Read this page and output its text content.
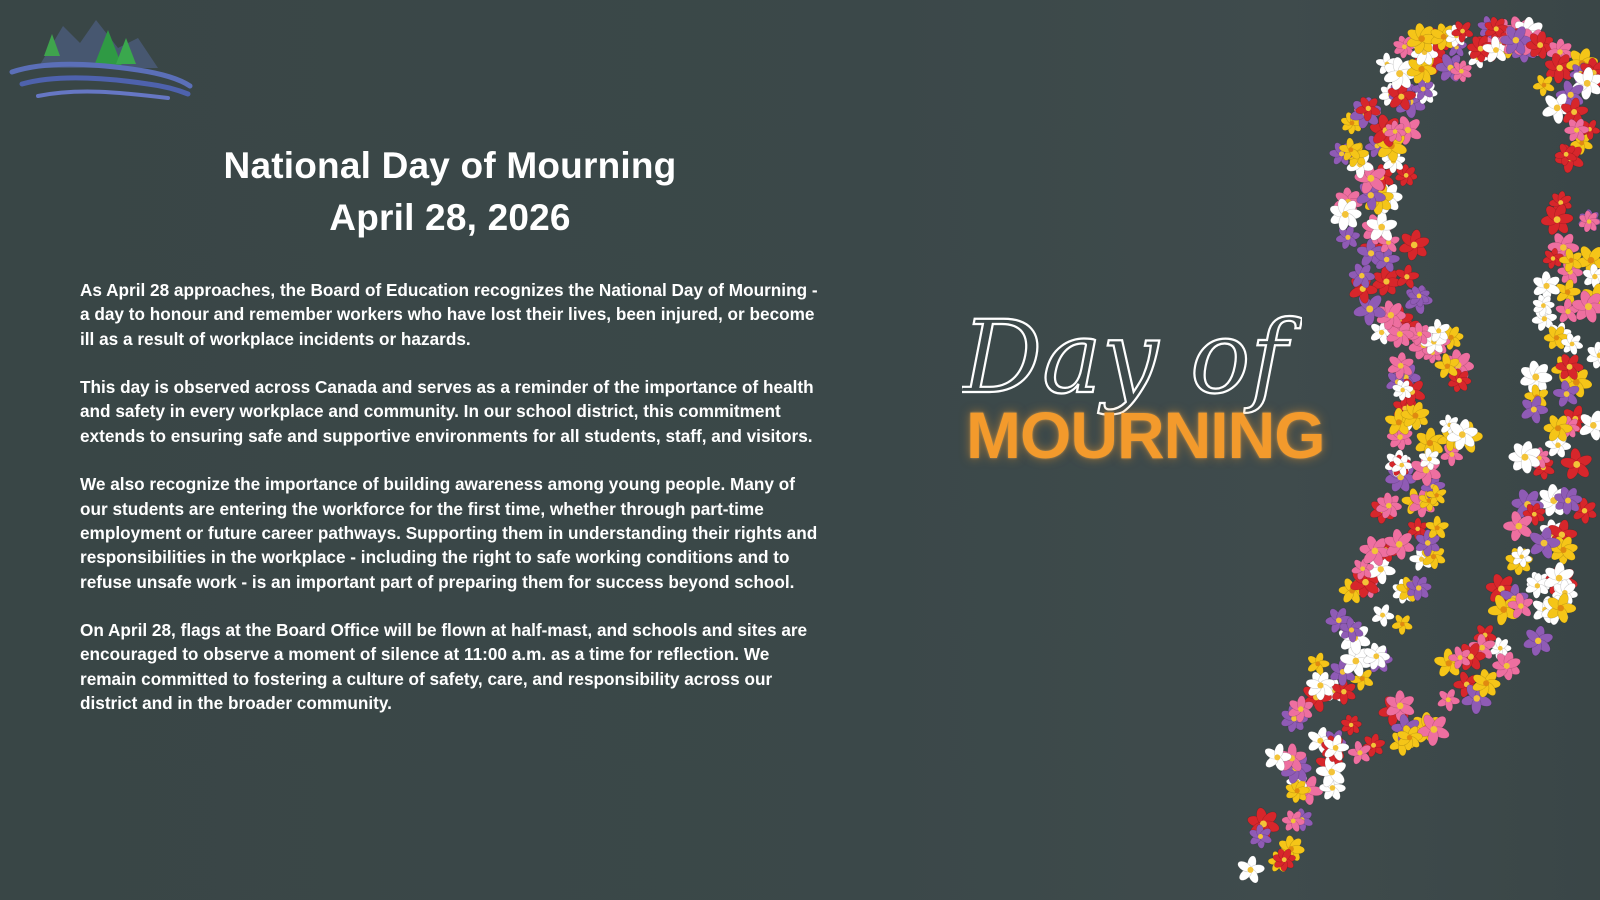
National Day of Mourning
April 28, 2026

As April 28 approaches, the Board of Education recognizes the National Day of Mourning - a day to honour and remember workers who have lost their lives, been injured, or become ill as a result of workplace incidents or hazards.

This day is observed across Canada and serves as a reminder of the importance of health and safety in every workplace and community. In our school district, this commitment extends to ensuring safe and supportive environments for all students, staff, and visitors.

We also recognize the importance of building awareness among young people. Many of our students are entering the workforce for the first time, whether through part-time employment or future career pathways. Supporting them in understanding their rights and responsibilities in the workplace - including the right to safe working conditions and to refuse unsafe work - is an important part of preparing them for success beyond school.

On April 28, flags at the Board Office will be flown at half-mast, and schools and sites are encouraged to observe a moment of silence at 11:00 a.m. as a time for reflection. We remain committed to fostering a culture of safety, care, and responsibility across our district and in the broader community.

Day of
MOURNING
